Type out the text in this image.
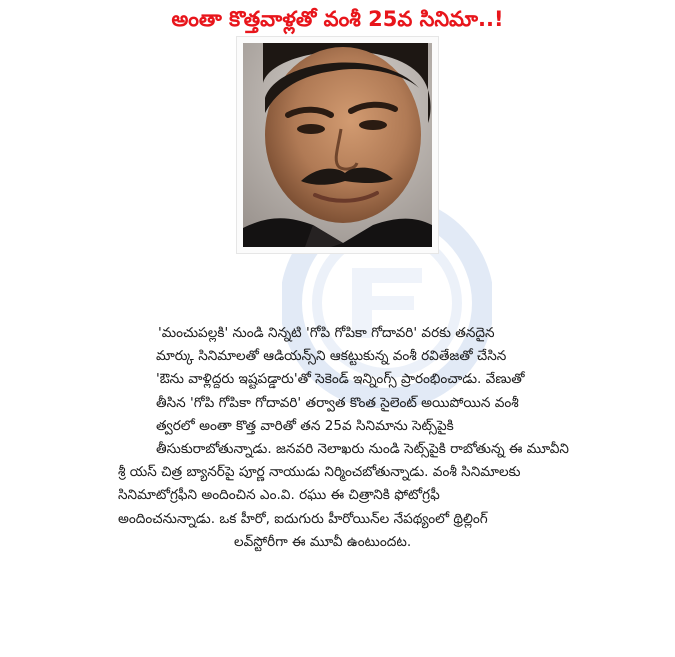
అంతా కొత్తవాళ్లతో వంశీ 25వ సినిమా..!
'మంచుపల్లకి' నుండి నిన్నటి 'గోపి గోపికా గోదావరి' వరకు తనదైన
మార్కు సినిమాలతో ఆడియన్స్‌ని ఆకట్టుకున్న వంశీ రవితేజతో చేసిన
'ఔను వాళ్లిద్దరు ఇష్టపడ్డారు'తో సెకెండ్ ఇన్నింగ్స్ ప్రారంభించాడు. వేణుతో
తీసిన 'గోపి గోపికా గోదావరి' తర్వాత కొంత సైలెంట్ అయిపోయిన వంశీ
త్వరలో అంతా కొత్త వారితో తన 25వ సినిమాను సెట్స్‌పైకి
తీసుకురాబోతున్నాడు. జనవరి నెలాఖరు నుండి సెట్స్‌పైకి రాబోతున్న ఈ మూవీని
శ్రీ యస్ చిత్ర బ్యానర్‌పై పూర్ణ నాయుడు నిర్మించబోతున్నాడు. వంశీ సినిమాలకు
సినిమాటోగ్రఫీని అందించిన ఎం.వి. రఘు ఈ చిత్రానికి ఫోటోగ్రఫీ
అందించనున్నాడు. ఒక హీరో, ఐదుగురు హీరోయిన్‌ల నేపథ్యంలో థ్రిల్లింగ్
లవ్‌స్టోరీగా ఈ మూవీ ఉంటుందట.
